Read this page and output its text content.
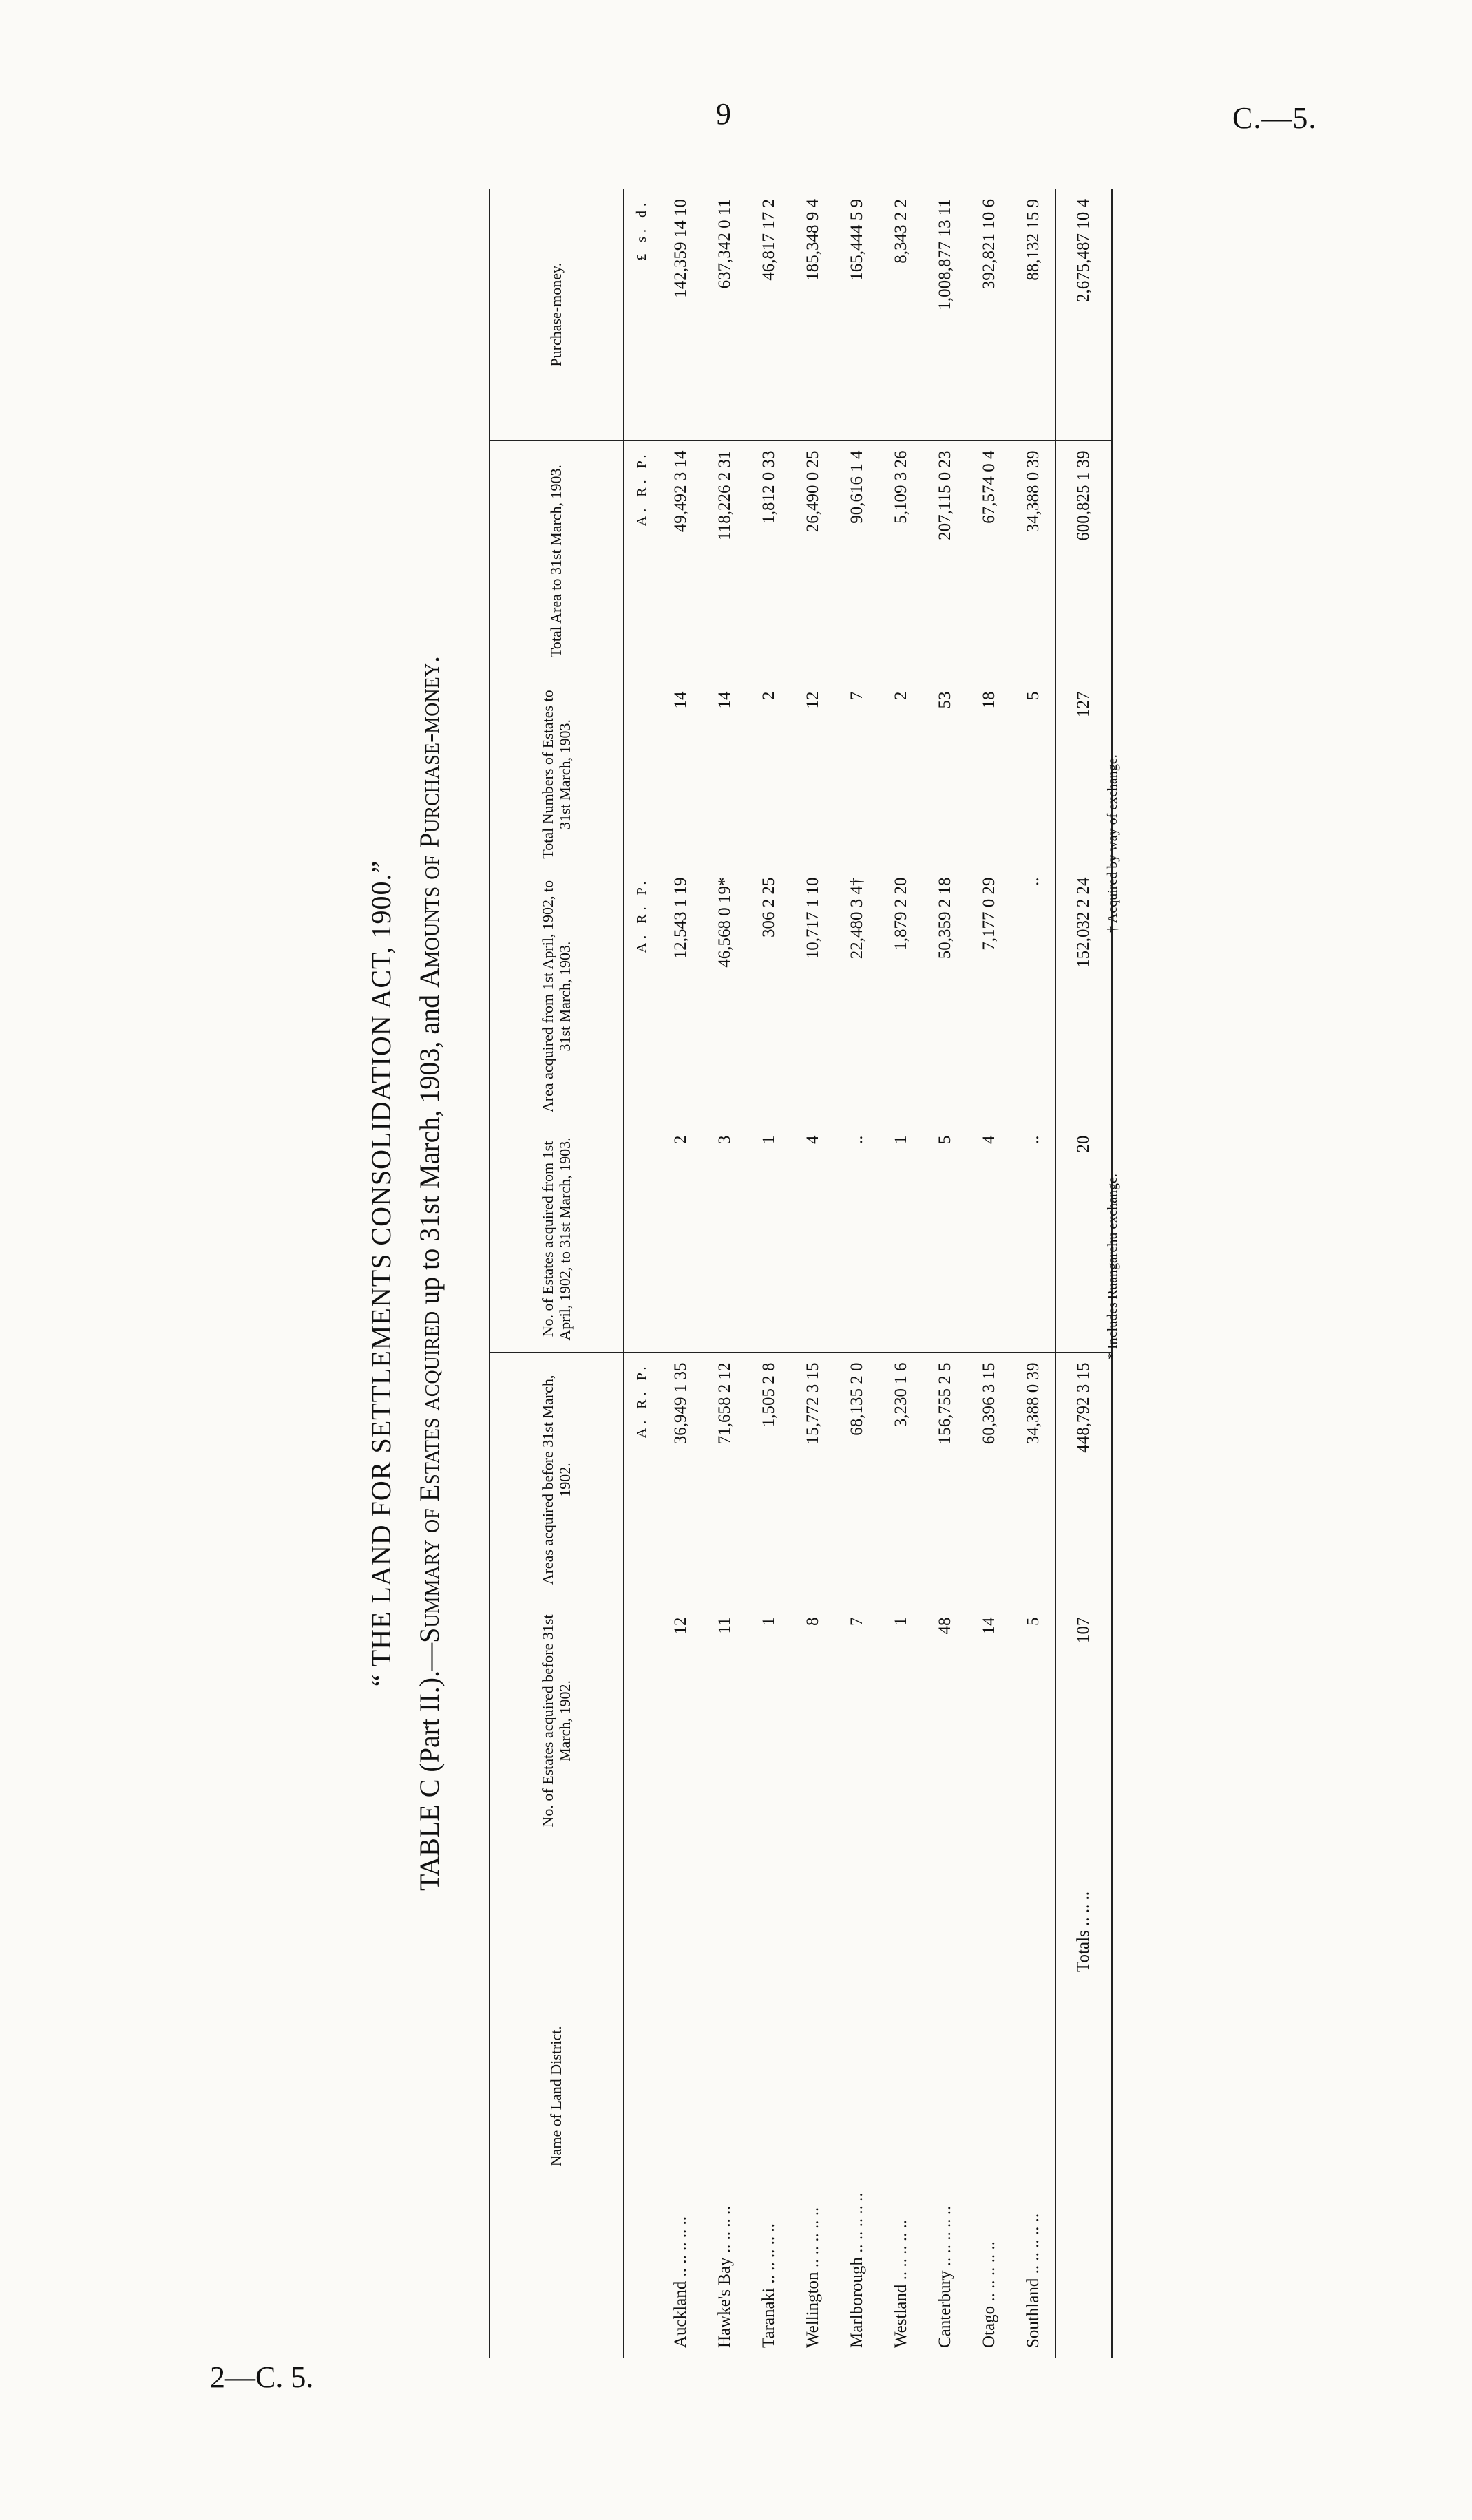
9	C.—5.
2—C. 5.
“ THE LAND FOR SETTLEMENTS CONSOLIDATION ACT, 1900.”
TABLE C (Part II.).—Summary of Estates acquired up to 31st March, 1903, and Amounts of Purchase-money.
Name of Land District.	No. of Estates acquired before 31st March, 1902.	Areas acquired before 31st March, 1902.	No. of Estates acquired from 1st April, 1902, to 31st March, 1903.	Area acquired from 1st April, 1902, to 31st March, 1903.	Total Numbers of Estates to 31st March, 1903.	Total Area to 31st March, 1903.	Purchase-money.
		A. R. P.		A. R. P.		A. R. P.	£ s. d.
Auckland .. .. .. .. ..	12	36,949 1 35	2	12,543 1 19	14	49,492 3 14	142,359 14 10
Hawke's Bay .. .. .. ..	11	71,658 2 12	3	46,568 0 19*	14	118,226 2 31	637,342 0 11
Taranaki .. .. .. .. ..	1	1,505 2 8	1	306 2 25	2	1,812 0 33	46,817 17 2
Wellington .. .. .. .. ..	8	15,772 3 15	4	10,717 1 10	12	26,490 0 25	185,348 9 4
Marlborough .. .. .. .. ..	7	68,135 2 0	..	22,480 3 4†	7	90,616 1 4	165,444 5 9
Westland .. .. .. .. ..	1	3,230 1 6	1	1,879 2 20	2	5,109 3 26	8,343 2 2
Canterbury .. .. .. .. ..	48	156,755 2 5	5	50,359 2 18	53	207,115 0 23	1,008,877 13 11
Otago .. .. .. .. ..	14	60,396 3 15	4	7,177 0 29	18	67,574 0 4	392,821 10 6
Southland .. .. .. .. ..	5	34,388 0 39	..	..	5	34,388 0 39	88,132 15 9
Totals .. .. ..	107	448,792 3 15	20	152,032 2 24	127	600,825 1 39	2,675,487 10 4
* Includes Ruangarehu exchange.
† Acquired by way of exchange.
